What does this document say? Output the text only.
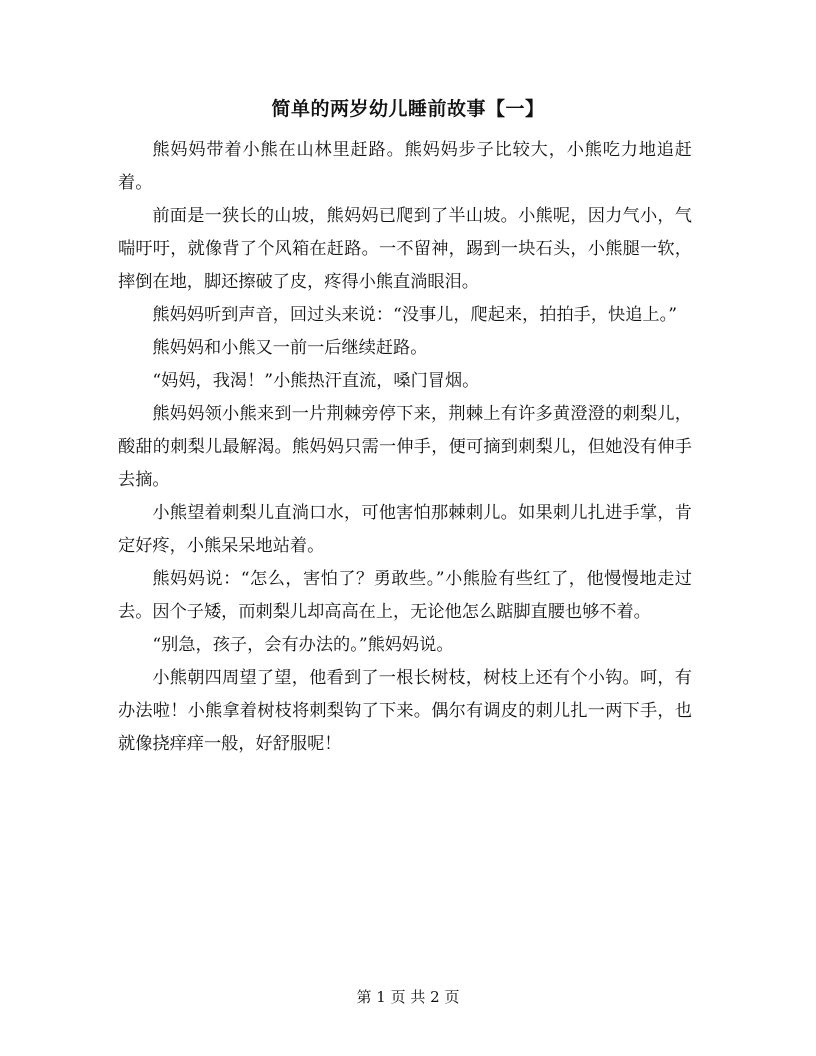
简单的两岁幼儿睡前故事【一】

熊妈妈带着小熊在山林里赶路。熊妈妈步子比较大，小熊吃力地追赶着。

前面是一狭长的山坡，熊妈妈已爬到了半山坡。小熊呢，因力气小，气喘吁吁，就像背了个风箱在赶路。一不留神，踢到一块石头，小熊腿一软，摔倒在地，脚还擦破了皮，疼得小熊直淌眼泪。

熊妈妈听到声音，回过头来说：“没事儿，爬起来，拍拍手，快追上。”

熊妈妈和小熊又一前一后继续赶路。

“妈妈，我渴！”小熊热汗直流，嗓门冒烟。

熊妈妈领小熊来到一片荆棘旁停下来，荆棘上有许多黄澄澄的刺梨儿，酸甜的刺梨儿最解渴。熊妈妈只需一伸手，便可摘到刺梨儿，但她没有伸手去摘。

小熊望着刺梨儿直淌口水，可他害怕那棘刺儿。如果刺儿扎进手掌，肯定好疼，小熊呆呆地站着。

熊妈妈说：“怎么，害怕了？勇敢些。”小熊脸有些红了，他慢慢地走过去。因个子矮，而刺梨儿却高高在上，无论他怎么踮脚直腰也够不着。

“别急，孩子，会有办法的。”熊妈妈说。

小熊朝四周望了望，他看到了一根长树枝，树枝上还有个小钩。呵，有办法啦！小熊拿着树枝将刺梨钩了下来。偶尔有调皮的刺儿扎一两下手，也就像挠痒痒一般，好舒服呢！

第 1 页 共 2 页
